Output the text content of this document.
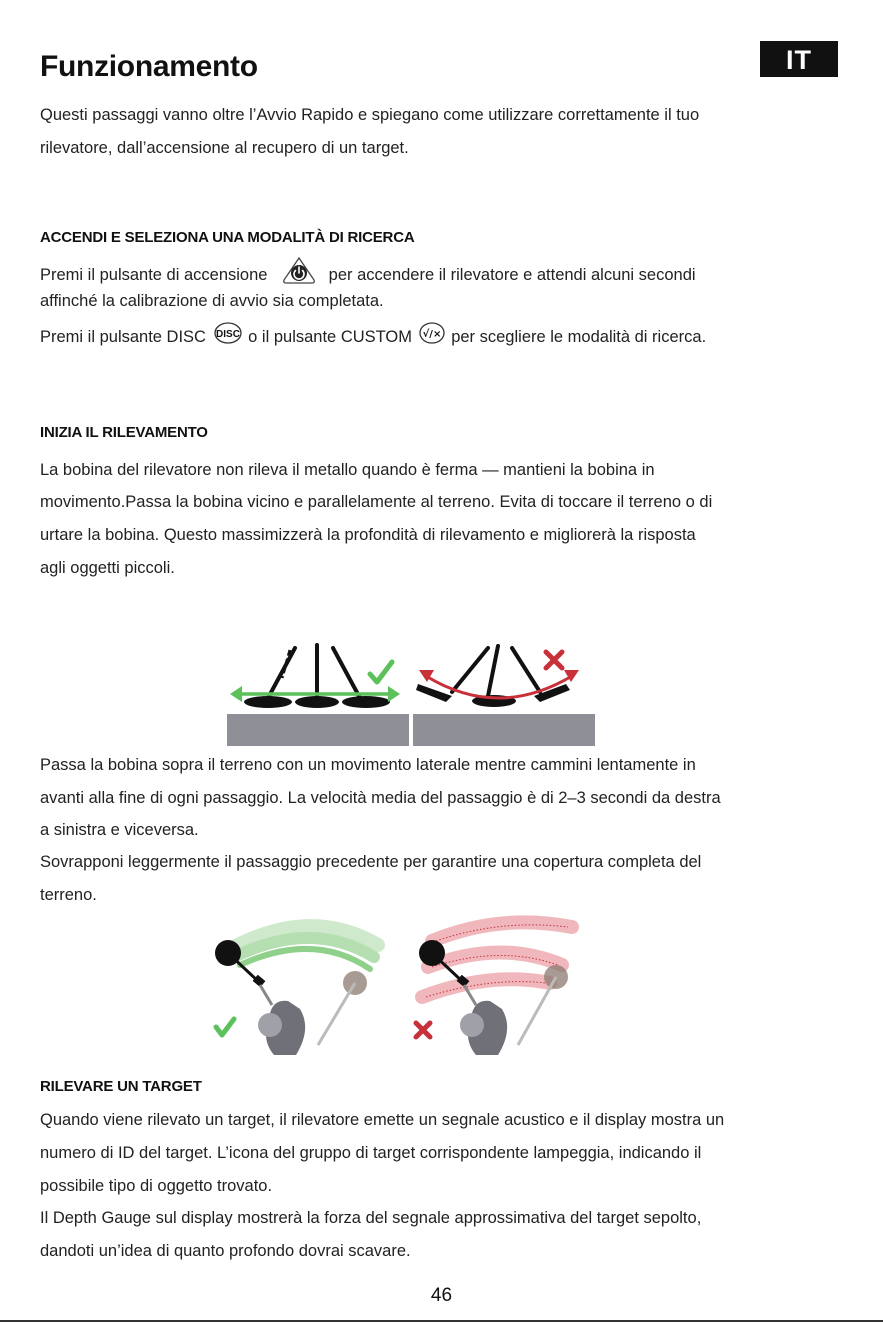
Funzionamento	IT
Questi passaggi vanno oltre l’Avvio Rapido e spiegano come utilizzare correttamente il tuo
rilevatore, dall’accensione al recupero di un target.
ACCENDI E SELEZIONA UNA MODALITÀ DI RICERCA
Premi il pulsante di accensione	per accendere il rilevatore e attendi alcuni secondi
affinché la calibrazione di avvio sia completata.
Premi il pulsante DISC DISC o il pulsante CUSTOM √/× per scegliere le modalità di ricerca.
INIZIA IL RILEVAMENTO
La bobina del rilevatore non rileva il metallo quando è ferma — mantieni la bobina in
movimento.Passa la bobina vicino e parallelamente al terreno. Evita di toccare il terreno o di
urtare la bobina. Questo massimizzerà la profondità di rilevamento e migliorerà la risposta
agli oggetti piccoli.
Passa la bobina sopra il terreno con un movimento laterale mentre cammini lentamente in
avanti alla fine di ogni passaggio. La velocità media del passaggio è di 2–3 secondi da destra
a sinistra e viceversa.
Sovrapponi leggermente il passaggio precedente per garantire una copertura completa del
terreno.
RILEVARE UN TARGET
Quando viene rilevato un target, il rilevatore emette un segnale acustico e il display mostra un
numero di ID del target. L’icona del gruppo di target corrispondente lampeggia, indicando il
possibile tipo di oggetto trovato.
Il Depth Gauge sul display mostrerà la forza del segnale approssimativa del target sepolto,
dandoti un’idea di quanto profondo dovrai scavare.
46
